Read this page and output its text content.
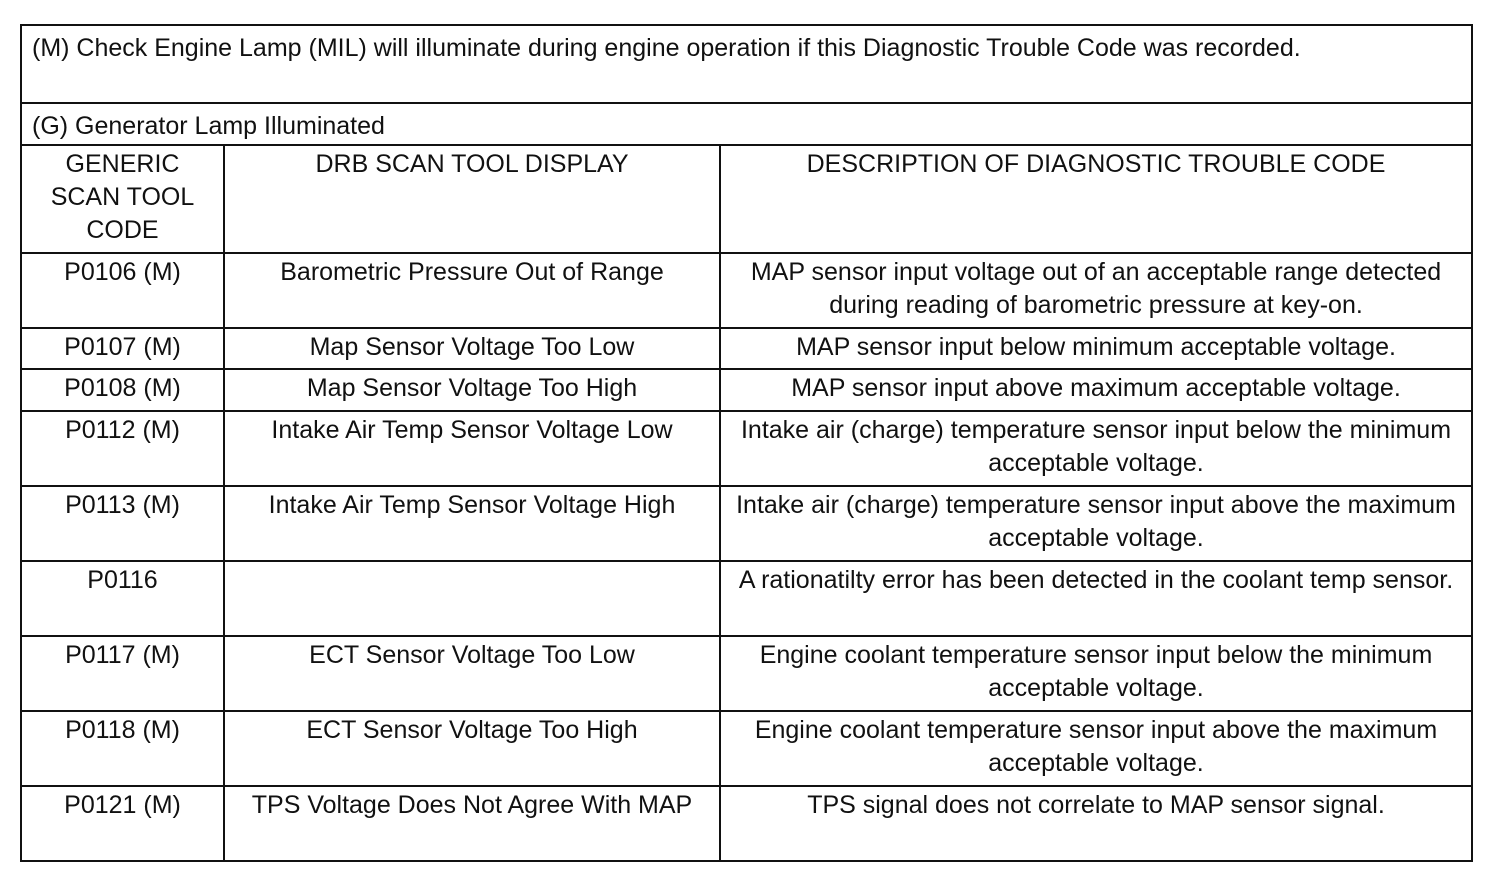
(M) Check Engine Lamp (MIL) will illuminate during engine operation if this Diagnostic Trouble Code was recorded.		
(G) Generator Lamp Illuminated		
GENERIC SCAN TOOL CODE	DRB SCAN TOOL DISPLAY	DESCRIPTION OF DIAGNOSTIC TROUBLE CODE
P0106 (M)	Barometric Pressure Out of Range	MAP sensor input voltage out of an acceptable range detected during reading of barometric pressure at key-on.
P0107 (M)	Map Sensor Voltage Too Low	MAP sensor input below minimum acceptable voltage.
P0108 (M)	Map Sensor Voltage Too High	MAP sensor input above maximum acceptable voltage.
P0112 (M)	Intake Air Temp Sensor Voltage Low	Intake air (charge) temperature sensor input below the minimum acceptable voltage.
P0113 (M)	Intake Air Temp Sensor Voltage High	Intake air (charge) temperature sensor input above the maximum acceptable voltage.
P0116		A rationatilty error has been detected in the coolant temp sensor.
P0117 (M)	ECT Sensor Voltage Too Low	Engine coolant temperature sensor input below the minimum acceptable voltage.
P0118 (M)	ECT Sensor Voltage Too High	Engine coolant temperature sensor input above the maximum acceptable voltage.
P0121 (M)	TPS Voltage Does Not Agree With MAP	TPS signal does not correlate to MAP sensor signal.
